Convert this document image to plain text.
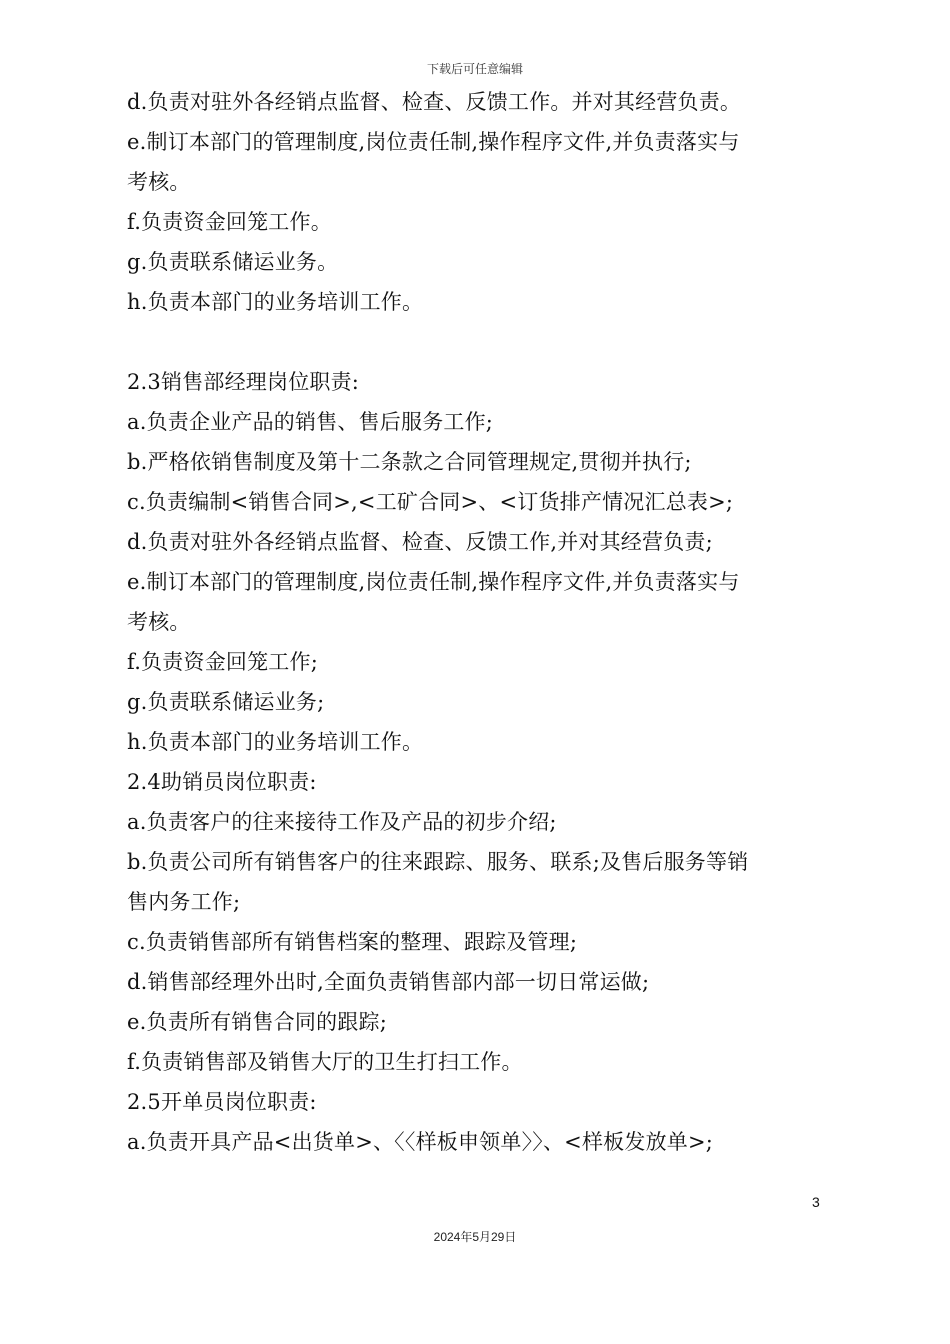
下载后可任意编辑
d.负责对驻外各经销点监督、检查、反馈工作。并对其经营负责。
e.制订本部门的管理制度,岗位责任制,操作程序文件,并负责落实与
考核。
f.负责资金回笼工作。
g.负责联系储运业务。
h.负责本部门的业务培训工作。
2.3销售部经理岗位职责:
a.负责企业产品的销售、售后服务工作;
b.严格依销售制度及第十二条款之合同管理规定,贯彻并执行;
c.负责编制<销售合同>,<工矿合同>、<订货排产情况汇总表>;
d.负责对驻外各经销点监督、检查、反馈工作,并对其经营负责;
e.制订本部门的管理制度,岗位责任制,操作程序文件,并负责落实与
考核。
f.负责资金回笼工作;
g.负责联系储运业务;
h.负责本部门的业务培训工作。
2.4助销员岗位职责:
a.负责客户的往来接待工作及产品的初步介绍;
b.负责公司所有销售客户的往来跟踪、服务、联系;及售后服务等销
售内务工作;
c.负责销售部所有销售档案的整理、跟踪及管理;
d.销售部经理外出时,全面负责销售部内部一切日常运做;
e.负责所有销售合同的跟踪;
f.负责销售部及销售大厅的卫生打扫工作。
2.5开单员岗位职责:
a.负责开具产品<出货单>、〈〈样板申领单〉〉、<样板发放单>;
3
2024年5月29日
